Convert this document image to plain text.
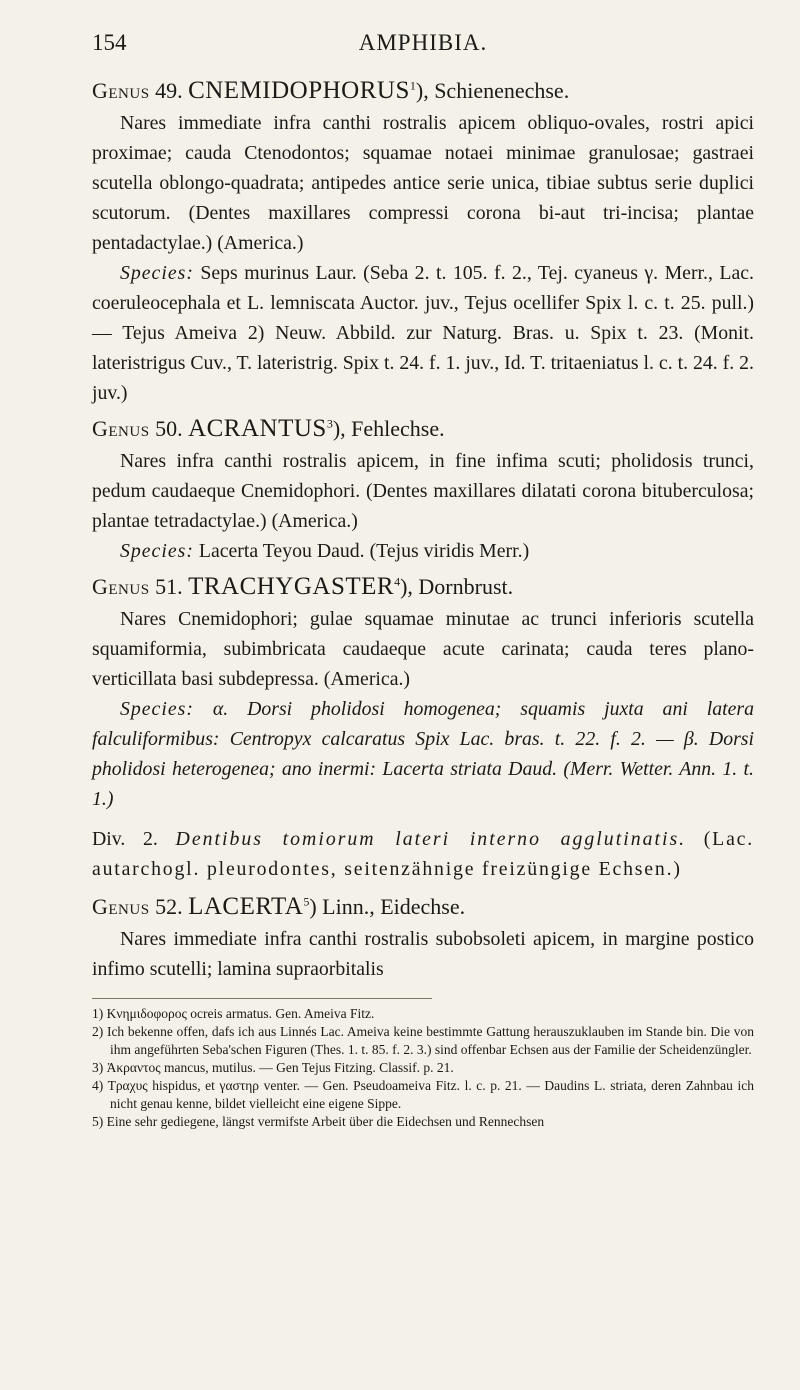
154	AMPHIBIA.
Genus 49. CNEMIDOPHORUS$^1$), Schienenechse.

Nares immediate infra canthi rostralis apicem obliquo-ovales, rostri apici proximae; cauda Ctenodontos; squamae notaei minimae granulosae; gastraei scutella oblongo-quadrata; antipedes antice serie unica, tibiae subtus serie duplici scutorum. (Dentes maxillares compressi corona bi-aut tri-incisa; plantae pentadactylae.) (America.)

Species: Seps murinus Laur. (Seba 2. t. 105. f. 2., Tej. cyaneus γ. Merr., Lac. coeruleocephala et L. lemniscata Auctor. juv., Tejus ocellifer Spix l. c. t. 25. pull.) — Tejus Ameiva 2) Neuw. Abbild. zur Naturg. Bras. u. Spix t. 23. (Monit. lateristrigus Cuv., T. lateristrig. Spix t. 24. f. 1. juv., Id. T. tritaeniatus l. c. t. 24. f. 2. juv.)

Genus 50. ACRANTUS$^3$), Fehlechse.

Nares infra canthi rostralis apicem, in fine infima scuti; pholidosis trunci, pedum caudaeque Cnemidophori. (Dentes maxillares dilatati corona bituberculosa; plantae tetradactylae.) (America.)

Species: Lacerta Teyou Daud. (Tejus viridis Merr.)

Genus 51. TRACHYGASTER$^4$), Dornbrust.

Nares Cnemidophori; gulae squamae minutae ac trunci inferioris scutella squamiformia, subimbricata caudaeque acute carinata; cauda teres plano-verticillata basi subdepressa. (America.)

Species: α. Dorsi pholidosi homogenea; squamis juxta ani latera falculiformibus: Centropyx calcaratus Spix Lac. bras. t. 22. f. 2. — β. Dorsi pholidosi heterogenea; ano inermi: Lacerta striata Daud. (Merr. Wetter. Ann. 1. t. 1.)

Div. 2. Dentibus tomiorum lateri interno agglutinatis. (Lac. autarchogl. pleurodontes, seitenzähnige freizüngige Echsen.)

Genus 52. LACERTA$^5$) Linn., Eidechse.

Nares immediate infra canthi rostralis subobsoleti apicem, in margine postico infimo scutelli; lamina supraorbitalis

1) Κνημιδοφορος ocreis armatus. Gen. Ameiva Fitz.

2) Ich bekenne offen, dafs ich aus Linnés Lac. Ameiva keine bestimmte Gattung herauszuklauben im Stande bin. Die von ihm angeführten Seba'schen Figuren (Thes. 1. t. 85. f. 2. 3.) sind offenbar Echsen aus der Familie der Scheidenzüngler.

3) Ἀκραντος mancus, mutilus. — Gen Tejus Fitzing. Classif. p. 21.

4) Τραχυς hispidus, et γαστηρ venter. — Gen. Pseudoameiva Fitz. l. c. p. 21. — Daudins L. striata, deren Zahnbau ich nicht genau kenne, bildet vielleicht eine eigene Sippe.

5) Eine sehr gediegene, längst vermifste Arbeit über die Eidechsen und Rennechsen
